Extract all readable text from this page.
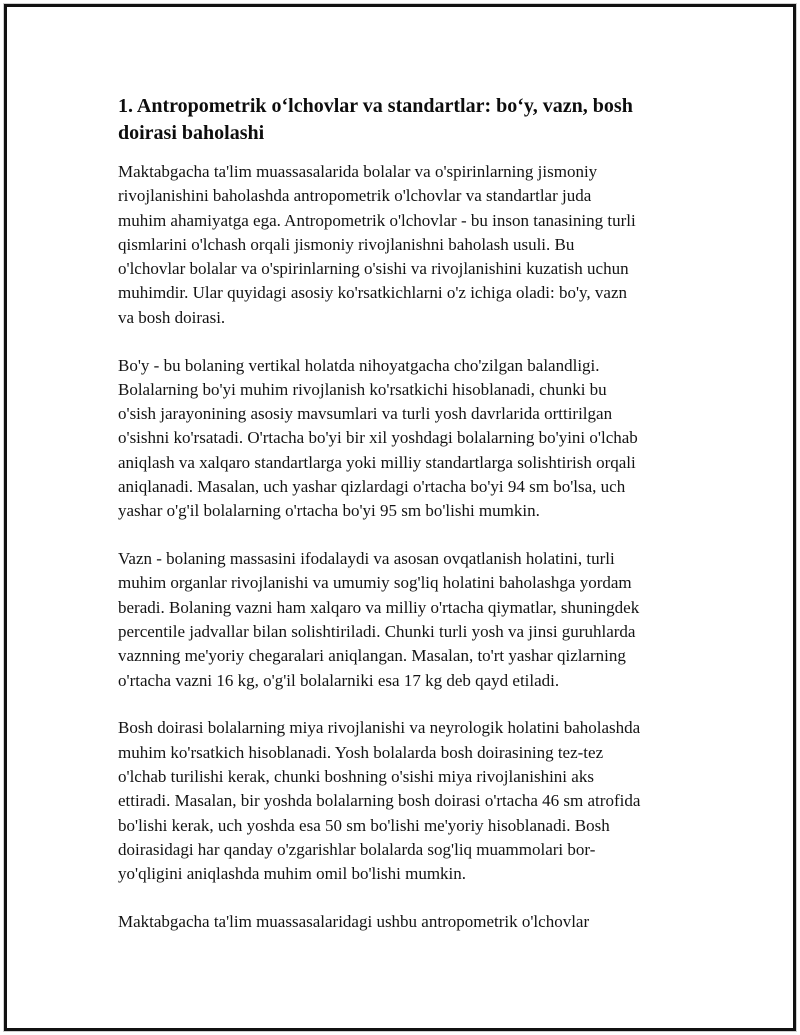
1. Antropometrik o‘lchovlar va standartlar: bo‘y, vazn, bosh
doirasi baholashi

Maktabgacha ta'lim muassasalarida bolalar va o'spirinlarning jismoniy
rivojlanishini baholashda antropometrik o'lchovlar va standartlar juda
muhim ahamiyatga ega. Antropometrik o'lchovlar - bu inson tanasining turli
qismlarini o'lchash orqali jismoniy rivojlanishni baholash usuli. Bu
o'lchovlar bolalar va o'spirinlarning o'sishi va rivojlanishini kuzatish uchun
muhimdir. Ular quyidagi asosiy ko'rsatkichlarni o'z ichiga oladi: bo'y, vazn
va bosh doirasi.

Bo'y - bu bolaning vertikal holatda nihoyatgacha cho'zilgan balandligi.
Bolalarning bo'yi muhim rivojlanish ko'rsatkichi hisoblanadi, chunki bu
o'sish jarayonining asosiy mavsumlari va turli yosh davrlarida orttirilgan
o'sishni ko'rsatadi. O'rtacha bo'yi bir xil yoshdagi bolalarning bo'yini o'lchab
aniqlash va xalqaro standartlarga yoki milliy standartlarga solishtirish orqali
aniqlanadi. Masalan, uch yashar qizlardagi o'rtacha bo'yi 94 sm bo'lsa, uch
yashar o'g'il bolalarning o'rtacha bo'yi 95 sm bo'lishi mumkin.

Vazn - bolaning massasini ifodalaydi va asosan ovqatlanish holatini, turli
muhim organlar rivojlanishi va umumiy sog'liq holatini baholashga yordam
beradi. Bolaning vazni ham xalqaro va milliy o'rtacha qiymatlar, shuningdek
percentile jadvallar bilan solishtiriladi. Chunki turli yosh va jinsi guruhlarda
vaznning me'yoriy chegaralari aniqlangan. Masalan, to'rt yashar qizlarning
o'rtacha vazni 16 kg, o'g'il bolalarniki esa 17 kg deb qayd etiladi.

Bosh doirasi bolalarning miya rivojlanishi va neyrologik holatini baholashda
muhim ko'rsatkich hisoblanadi. Yosh bolalarda bosh doirasining tez-tez
o'lchab turilishi kerak, chunki boshning o'sishi miya rivojlanishini aks
ettiradi. Masalan, bir yoshda bolalarning bosh doirasi o'rtacha 46 sm atrofida
bo'lishi kerak, uch yoshda esa 50 sm bo'lishi me'yoriy hisoblanadi. Bosh
doirasidagi har qanday o'zgarishlar bolalarda sog'liq muammolari bor-
yo'qligini aniqlashda muhim omil bo'lishi mumkin.

Maktabgacha ta'lim muassasalaridagi ushbu antropometrik o'lchovlar
